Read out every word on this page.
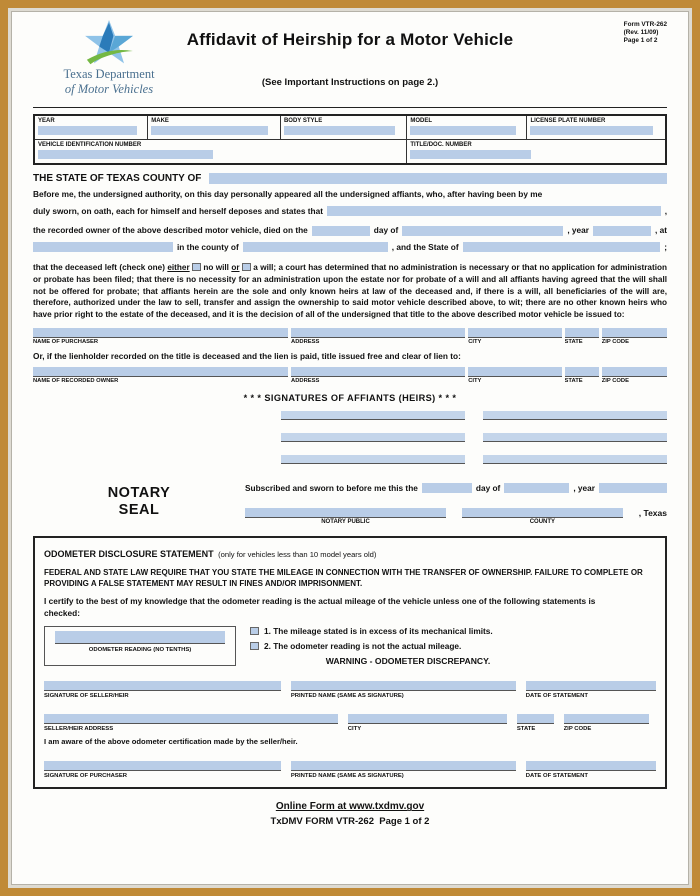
Texas Department
of Motor Vehicles
Affidavit of Heirship for a Motor Vehicle
(See Important Instructions on page 2.)
Form VTR-262
(Rev. 11/09)
Page 1 of 2
YEAR	MAKE	BODY STYLE	MODEL	LICENSE PLATE NUMBER

VEHICLE IDENTIFICATION NUMBER			TITLE/DOC. NUMBER	
THE STATE OF TEXAS COUNTY OF
Before me, the undersigned authority, on this day personally appeared all the undersigned affiants, who, after having been by me
duly sworn, on oath, each for himself and herself deposes and states that	,
the recorded owner of the above described motor vehicle, died on the	day of	, year	, at
in the county of	, and the State of	;
that the deceased left (check one) either no will or a will; a court has determined that no administration is necessary or that no application for administration or probate has been filed; that there is no necessity for an administration upon the estate nor for probate of a will and all affiants having agreed that the will shall not be offered for probate; that affiants herein are the sole and only known heirs at law of the deceased and, if there is a will, all beneficiaries of the will are, therefore, authorized under the law to sell, transfer and assign the ownership to said motor vehicle described above, to wit; there are no other known heirs who have prior right to the estate of the deceased, and it is the decision of all of the undersigned that title to the above described motor vehicle be issued to:
NAME OF PURCHASER	ADDRESS	CITY	STATE	ZIP CODE
Or, if the lienholder recorded on the title is deceased and the lien is paid, title issued free and clear of lien to:
NAME OF RECORDED OWNER	ADDRESS	CITY	STATE	ZIP CODE
* * * SIGNATURES OF AFFIANTS (HEIRS) * * *
NOTARY
SEAL
Subscribed and sworn to before me this the	day of	, year
NOTARY PUBLIC	COUNTY
, Texas
ODOMETER DISCLOSURE STATEMENT (only for vehicles less than 10 model years old)
FEDERAL AND STATE LAW REQUIRE THAT YOU STATE THE MILEAGE IN CONNECTION WITH THE TRANSFER OF OWNERSHIP. FAILURE TO COMPLETE OR PROVIDING A FALSE STATEMENT MAY RESULT IN FINES AND/OR IMPRISONMENT.
I certify to the best of my knowledge that the odometer reading is the actual mileage of the vehicle unless one of the following statements is checked:
ODOMETER READING (NO TENTHS)
1. The mileage stated is in excess of its mechanical limits.
2. The odometer reading is not the actual mileage.
WARNING - ODOMETER DISCREPANCY.
SIGNATURE OF SELLER/HEIR	PRINTED NAME (SAME AS SIGNATURE)	DATE OF STATEMENT
SELLER/HEIR ADDRESS	CITY	STATE	ZIP CODE
I am aware of the above odometer certification made by the seller/heir.
SIGNATURE OF PURCHASER	PRINTED NAME (SAME AS SIGNATURE)	DATE OF STATEMENT
Online Form at www.txdmv.gov
TxDMV FORM VTR-262  Page 1 of 2
